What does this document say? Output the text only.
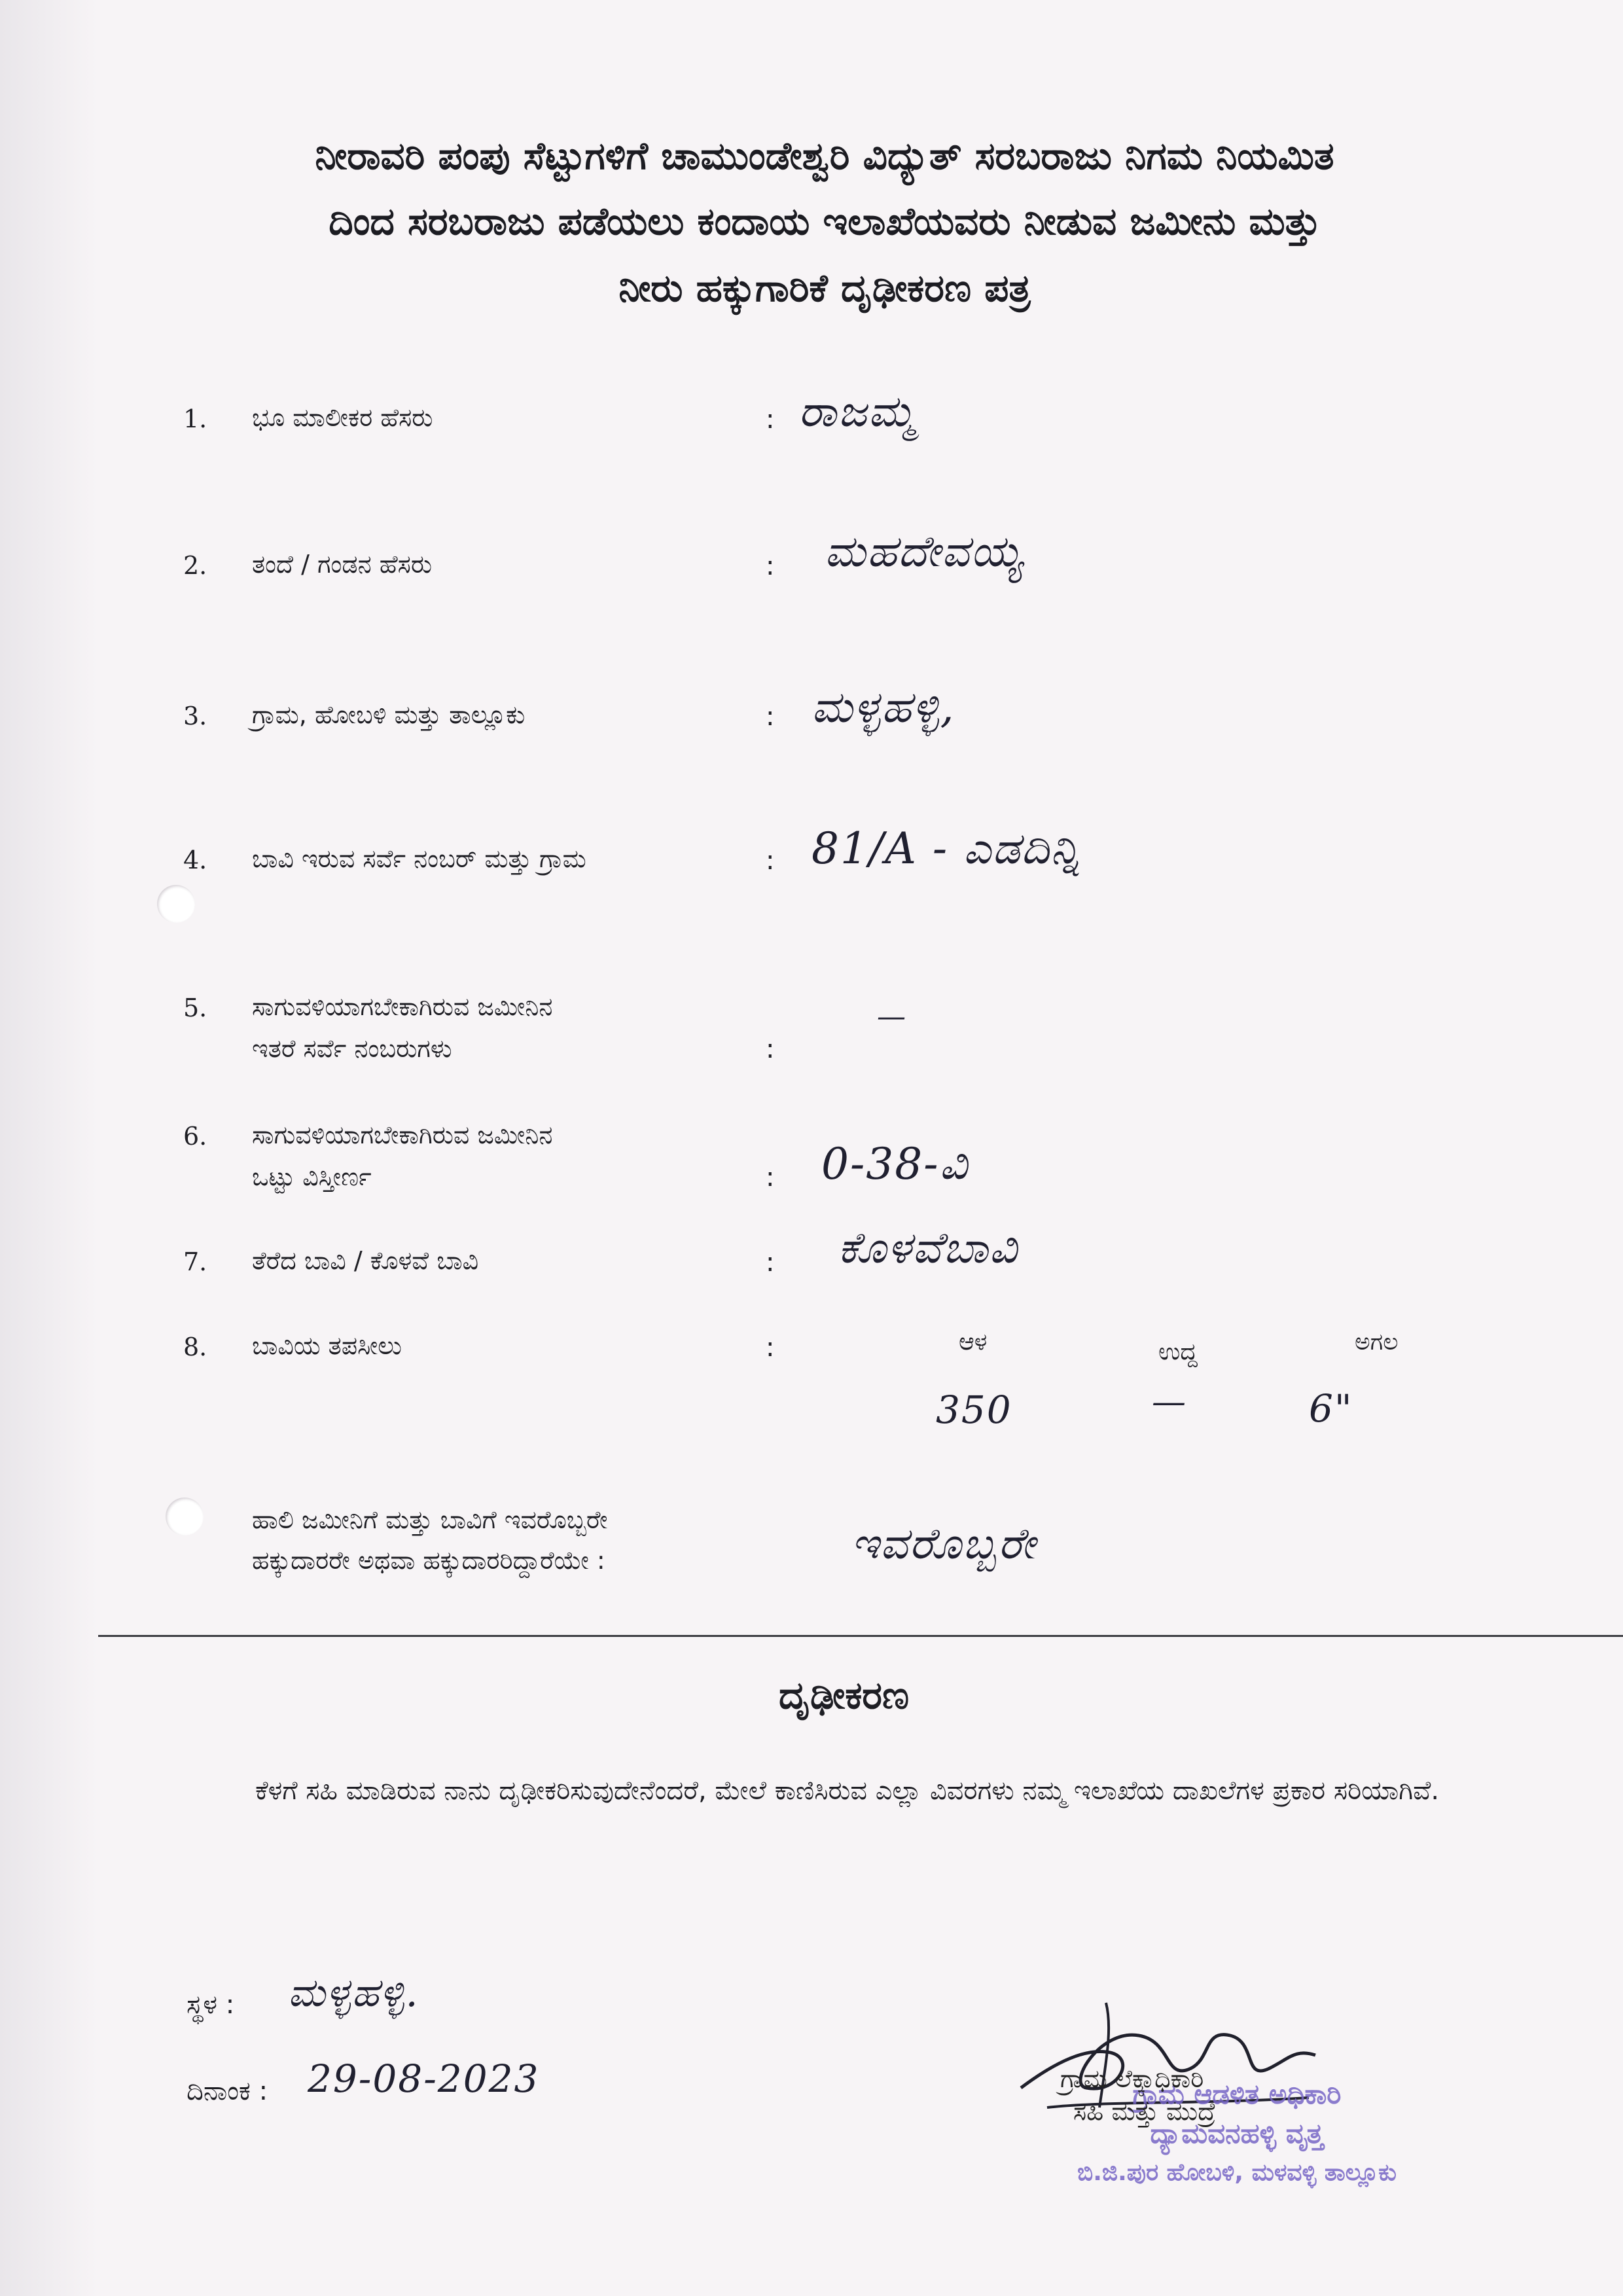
ನೀರಾವರಿ ಪಂಪು ಸೆಟ್ಟುಗಳಿಗೆ ಚಾಮುಂಡೇಶ್ವರಿ ವಿದ್ಯುತ್ ಸರಬರಾಜು ನಿಗಮ ನಿಯಮಿತ
ದಿಂದ ಸರಬರಾಜು ಪಡೆಯಲು ಕಂದಾಯ ಇಲಾಖೆಯವರು ನೀಡುವ ಜಮೀನು ಮತ್ತು
ನೀರು ಹಕ್ಕುಗಾರಿಕೆ ದೃಢೀಕರಣ ಪತ್ರ
1. ಭೂ ಮಾಲೀಕರ ಹೆಸರು	: ರಾಜಮ್ಮ
2. ತಂದೆ / ಗಂಡನ ಹೆಸರು	: ಮಹದೇವಯ್ಯ
3. ಗ್ರಾಮ, ಹೋಬಳಿ ಮತ್ತು ತಾಲ್ಲೂಕು	: ಮಳ್ಳಹಳ್ಳಿ,
4. ಬಾವಿ ಇರುವ ಸರ್ವೆ ನಂಬರ್ ಮತ್ತು ಗ್ರಾಮ	: 81/A - ಎಡದಿನ್ನಿ
5. ಸಾಗುವಳಿಯಾಗಬೇಕಾಗಿರುವ ಜಮೀನಿನ
ಇತರೆ ಸರ್ವೆ ನಂಬರುಗಳು	:
—
6. ಸಾಗುವಳಿಯಾಗಬೇಕಾಗಿರುವ ಜಮೀನಿನ
ಒಟ್ಟು ವಿಸ್ತೀರ್ಣ	: 0-38-ವಿ
7. ತೆರೆದ ಬಾವಿ / ಕೊಳವೆ ಬಾವಿ	: ಕೊಳವೆಬಾವಿ
8. ಬಾವಿಯ ತಪಸೀಲು	:	ಆಳ	ಉದ್ದ	ಅಗಲ
350	—	6"
ಹಾಲಿ ಜಮೀನಿಗೆ ಮತ್ತು ಬಾವಿಗೆ ಇವರೊಬ್ಬರೇ
ಹಕ್ಕುದಾರರೇ ಅಥವಾ ಹಕ್ಕುದಾರರಿದ್ದಾರೆಯೇ :	ಇವರೊಬ್ಬರೇ
ದೃಢೀಕರಣ
ಕೆಳಗೆ ಸಹಿ ಮಾಡಿರುವ ನಾನು ದೃಢೀಕರಿಸುವುದೇನೆಂದರೆ, ಮೇಲೆ ಕಾಣಿಸಿರುವ ಎಲ್ಲಾ ವಿವರಗಳು ನಮ್ಮ ಇಲಾಖೆಯ ದಾಖಲೆಗಳ ಪ್ರಕಾರ ಸರಿಯಾಗಿವೆ.
ಸ್ಥಳ : ಮಳ್ಳಹಳ್ಳಿ.
ದಿನಾಂಕ : 29-08-2023	ಗ್ರಾಮ ಆಡಳಿತ ಅಧಿಕಾರಿ
ದ್ಯಾಮವನಹಳ್ಳಿ ವೃತ್ತ
ಬಿ.ಜಿ.ಪುರ ಹೋಬಳಿ, ಮಳವಳ್ಳಿ ತಾಲ್ಲೂಕು
ಗ್ರಾಮ ಲೆಕ್ಕಾಧಿಕಾರಿ
ಸಹಿ ಮತ್ತು ಮುದ್ರೆ
